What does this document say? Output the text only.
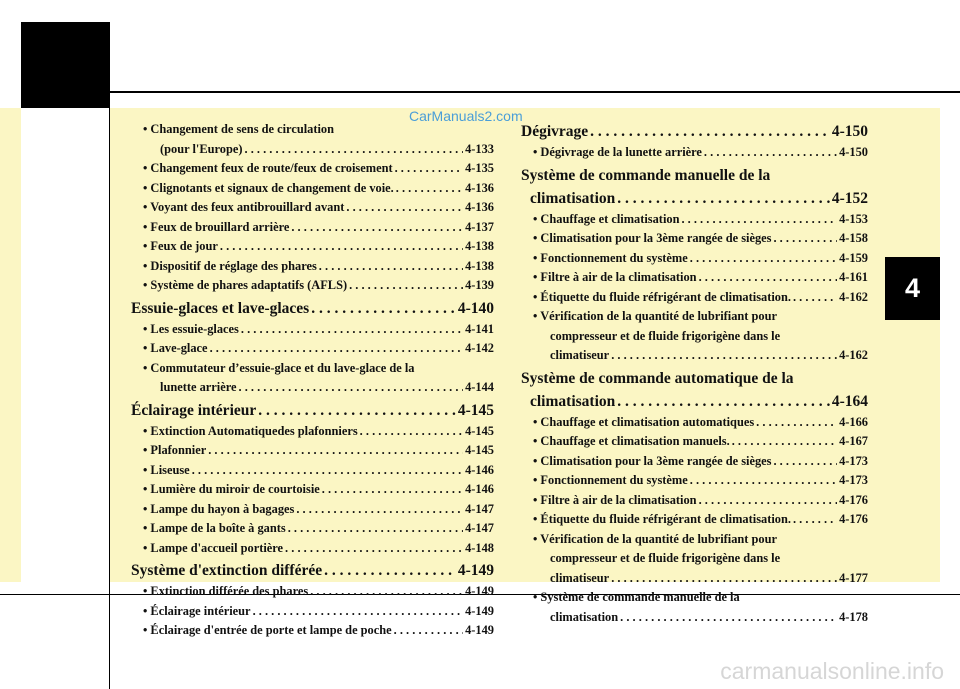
4
CarManuals2.com
carmanualsonline.info
• Changement de sens de circulation
(pour l'Europe) . . .	4-133
• Changement feux de route/feux de croisement . . .	4-135
• Clignotants et signaux de changement de voie. . . .	4-136
• Voyant des feux antibrouillard avant . . .	4-136
• Feux de brouillard arrière . . .	4-137
• Feux de jour . . .	4-138
• Dispositif de réglage des phares . . .	4-138
• Système de phares adaptatifs (AFLS) . . .	4-139
Essuie-glaces et lave-glaces . . .	4-140
• Les essuie-glaces . . .	4-141
• Lave-glace . . .	4-142
• Commutateur d’essuie-glace et du lave-glace de la
lunette arrière . . .	4-144
Éclairage intérieur . . .	4-145
• Extinction Automatiquedes plafonniers . . .	4-145
• Plafonnier . . .	4-145
• Liseuse . . .	4-146
• Lumière du miroir de courtoisie . . .	4-146
• Lampe du hayon à bagages . . .	4-147
• Lampe de la boîte à gants . . .	4-147
• Lampe d'accueil portière . . .	4-148
Système d'extinction différée . . .	4-149
• Extinction différée des phares . . .	4-149
• Éclairage intérieur . . .	4-149
• Éclairage d'entrée de porte et lampe de poche . . .	4-149
Dégivrage . . .	4-150
• Dégivrage de la lunette arrière . . .	4-150
Système de commande manuelle de la
climatisation . . .	4-152
• Chauffage et climatisation . . .	4-153
• Climatisation pour la 3ème rangée de sièges . . .	4-158
• Fonctionnement du système . . .	4-159
• Filtre à air de la climatisation . . .	4-161
• Étiquette du fluide réfrigérant de climatisation. . . .	4-162
• Vérification de la quantité de lubrifiant pour
compresseur et de fluide frigorigène dans le
climatiseur . . .	4-162
Système de commande automatique de la
climatisation . . .	4-164
• Chauffage et climatisation automatiques . . .	4-166
• Chauffage et climatisation manuels. . . .	4-167
• Climatisation pour la 3ème rangée de sièges . . .	4-173
• Fonctionnement du système . . .	4-173
• Filtre à air de la climatisation . . .	4-176
• Étiquette du fluide réfrigérant de climatisation. . . .	4-176
• Vérification de la quantité de lubrifiant pour
compresseur et de fluide frigorigène dans le
climatiseur . . .	4-177
• Système de commande manuelle de la
climatisation . . .	4-178
